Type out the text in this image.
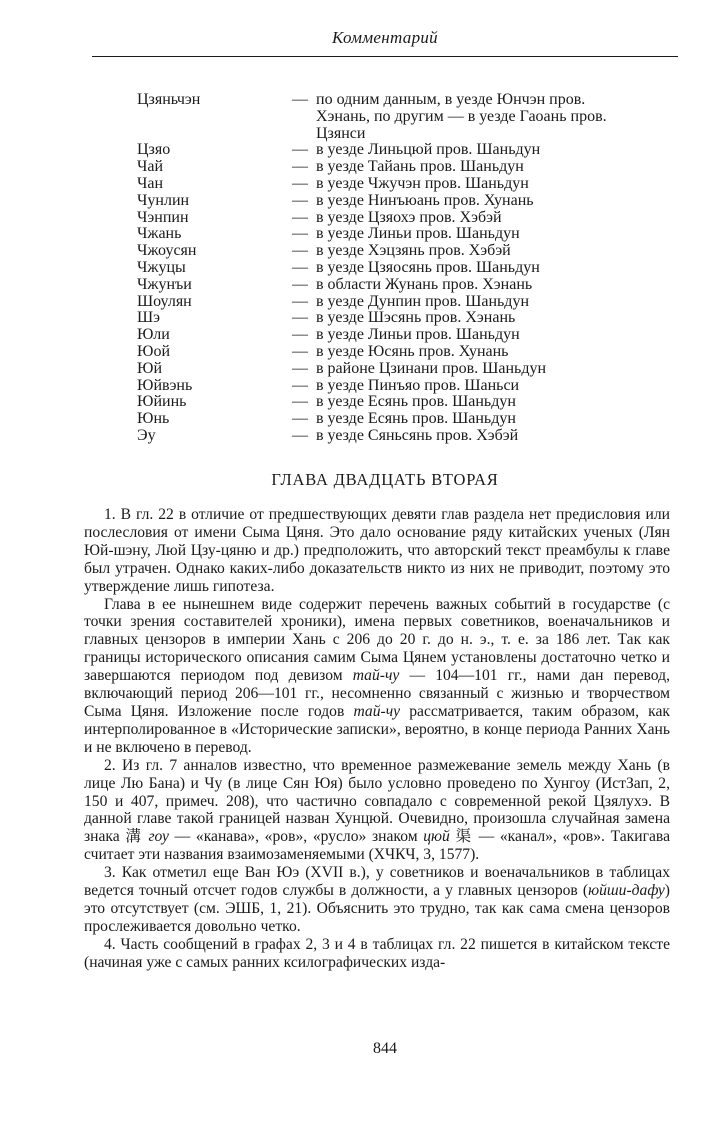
Комментарий
Цзяньчэн	— по одним данным, в уезде Юнчэн пров. Хэнань, по другим — в уезде Гаоань пров. Цзянси
Цзяо	— в уезде Линьцюй пров. Шаньдун
Чай	— в уезде Тайань пров. Шаньдун
Чан	— в уезде Чжучэн пров. Шаньдун
Чунлин	— в уезде Нинъюань пров. Хунань
Чэнпин	— в уезде Цзяохэ пров. Хэбэй
Чжань	— в уезде Линьи пров. Шаньдун
Чжоусян	— в уезде Хэцзянь пров. Хэбэй
Чжуцы	— в уезде Цзяосянь пров. Шаньдун
Чжунъи	— в области Жунань пров. Хэнань
Шоулян	— в уезде Дунпин пров. Шаньдун
Шэ	— в уезде Шэсянь пров. Хэнань
Юли	— в уезде Линьи пров. Шаньдун
Юой	— в уезде Юсянь пров. Хунань
Юй	— в районе Цзинани пров. Шаньдун
Юйвэнь	— в уезде Пинъяо пров. Шаньси
Юйинь	— в уезде Есянь пров. Шаньдун
Юнь	— в уезде Есянь пров. Шаньдун
Эу	— в уезде Сяньсянь пров. Хэбэй
ГЛАВА ДВАДЦАТЬ ВТОРАЯ

1. В гл. 22 в отличие от предшествующих девяти глав раздела нет предисловия или послесловия от имени Сыма Цяня. Это дало основание ряду китайских ученых (Лян Юй-шэну, Люй Цзу-цяню и др.) предположить, что авторский текст преамбулы к главе был утрачен. Однако каких-либо доказательств никто из них не приводит, поэтому это утверждение лишь гипотеза.

Глава в ее нынешнем виде содержит перечень важных событий в государстве (с точки зрения составителей хроники), имена первых советников, военачальников и главных цензоров в империи Хань с 206 до 20 г. до н. э., т. е. за 186 лет. Так как границы исторического описания самим Сыма Цянем установлены достаточно четко и завершаются периодом под девизом тай-чу — 104—101 гг., нами дан перевод, включающий период 206—101 гг., несомненно связанный с жизнью и творчеством Сыма Цяня. Изложение после годов тай-чу рассматривается, таким образом, как интерполированное в «Исторические записки», вероятно, в конце периода Ранних Хань и не включено в перевод.

2. Из гл. 7 анналов известно, что временное размежевание земель между Хань (в лице Лю Бана) и Чу (в лице Сян Юя) было условно проведено по Хунгоу (ИстЗап, 2, 150 и 407, примеч. 208), что частично совпадало с современной рекой Цзялухэ. В данной главе такой границей назван Хунцюй. Очевидно, произошла случайная замена знака 溝 гоу — «канава», «ров», «русло» знаком цюй 渠 — «канал», «ров». Такигава считает эти названия взаимозаменяемыми (ХЧКЧ, 3, 1577).

3. Как отметил еще Ван Юэ (XVII в.), у советников и военачальников в таблицах ведется точный отсчет годов службы в должности, а у главных цензоров (юйши-дафу) это отсутствует (см. ЭШБ, 1, 21). Объяснить это трудно, так как сама смена цензоров прослеживается довольно четко.

4. Часть сообщений в графах 2, 3 и 4 в таблицах гл. 22 пишется в китайском тексте (начиная уже с самых ранних ксилографических изда-

844
